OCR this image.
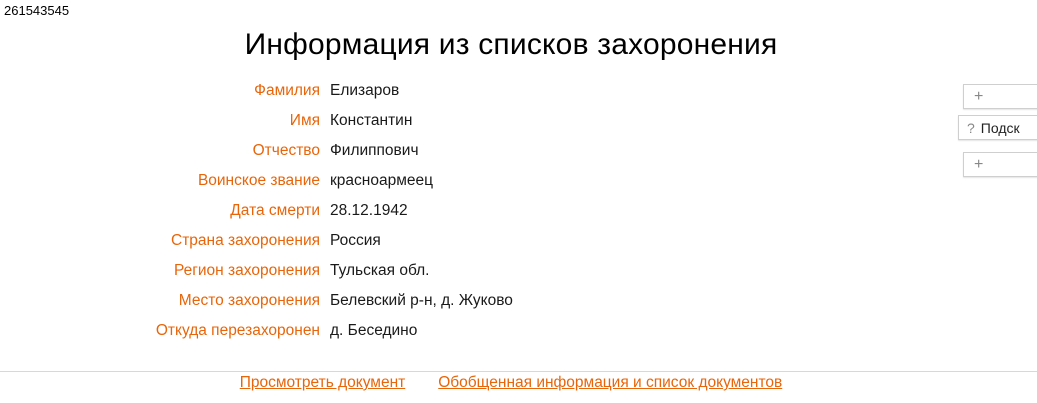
261543545
Информация из списков захоронения
Фамилия Елизаров
Имя Константин
Отчество Филиппович
Воинское звание красноармеец
Дата смерти 28.12.1942
Страна захоронения Россия
Регион захоронения Тульская обл.
Место захоронения Белевский р-н, д. Жуково
Откуда перезахоронен д. Беседино
+
? Подск
+
Просмотреть документ Обобщенная информация и список документов
